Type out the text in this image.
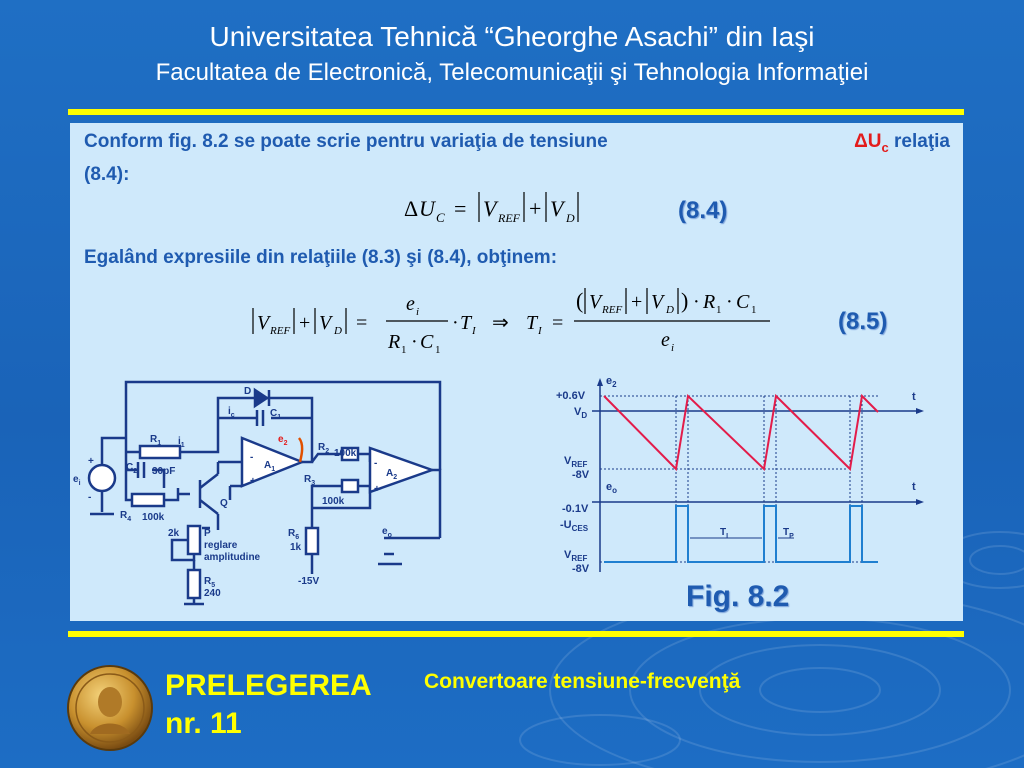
Universitatea Tehnică “Gheorghe Asachi” din Iaşi
Facultatea de Electronică, Telecomunicaţii şi Tehnologia Informaţiei
Conform fig. 8.2 se poate scrie pentru variaţia de tensiune	$\Delta U_c$ relaţia
(8.4):
Δ U C = V REF + V D	(8.4)
Egalând expresiile din relaţiile (8.3) şi (8.4), obţinem:
V REF + V D =
e i
R 1 · C 1
· T I ⇒ T I =
( V REF + V D ) · R 1 · C 1
e i
(8.5)
+
-
$e_i$
D
$i_c$	$C_1$
$R_1$ $i_1$
$e_2$	$R_2$ 100k
-
+
$A_1$
-
+
$A_2$
$C_2$ 30pF
$R_3$
100k
Q
$R_4$ 100k
2k P
reglare
amplitudine
$R_6$
1k
$e_o$
$R_5$
240
-15V
$e_2$
t
+0.6V
$V_D$
$V_{REF}$
-8V
$e_o$	t
-0.1V
$-U_{CES}$
$V_{REF}$
-8V
$T_I$	$T_P$
Fig. 8.2
PRELEGEREA
nr. 11
Convertoare tensiune-frecvenţă
